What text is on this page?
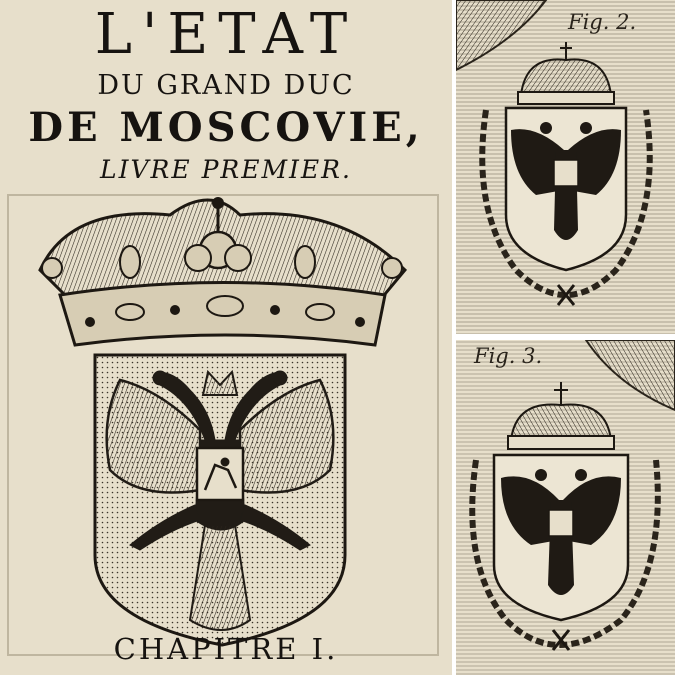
L'ETAT
DU GRAND DUC
DE MOSCOVIE,
LIVRE PREMIER.
CHAPITRE I.
Fig. 2.
Fig. 3.
